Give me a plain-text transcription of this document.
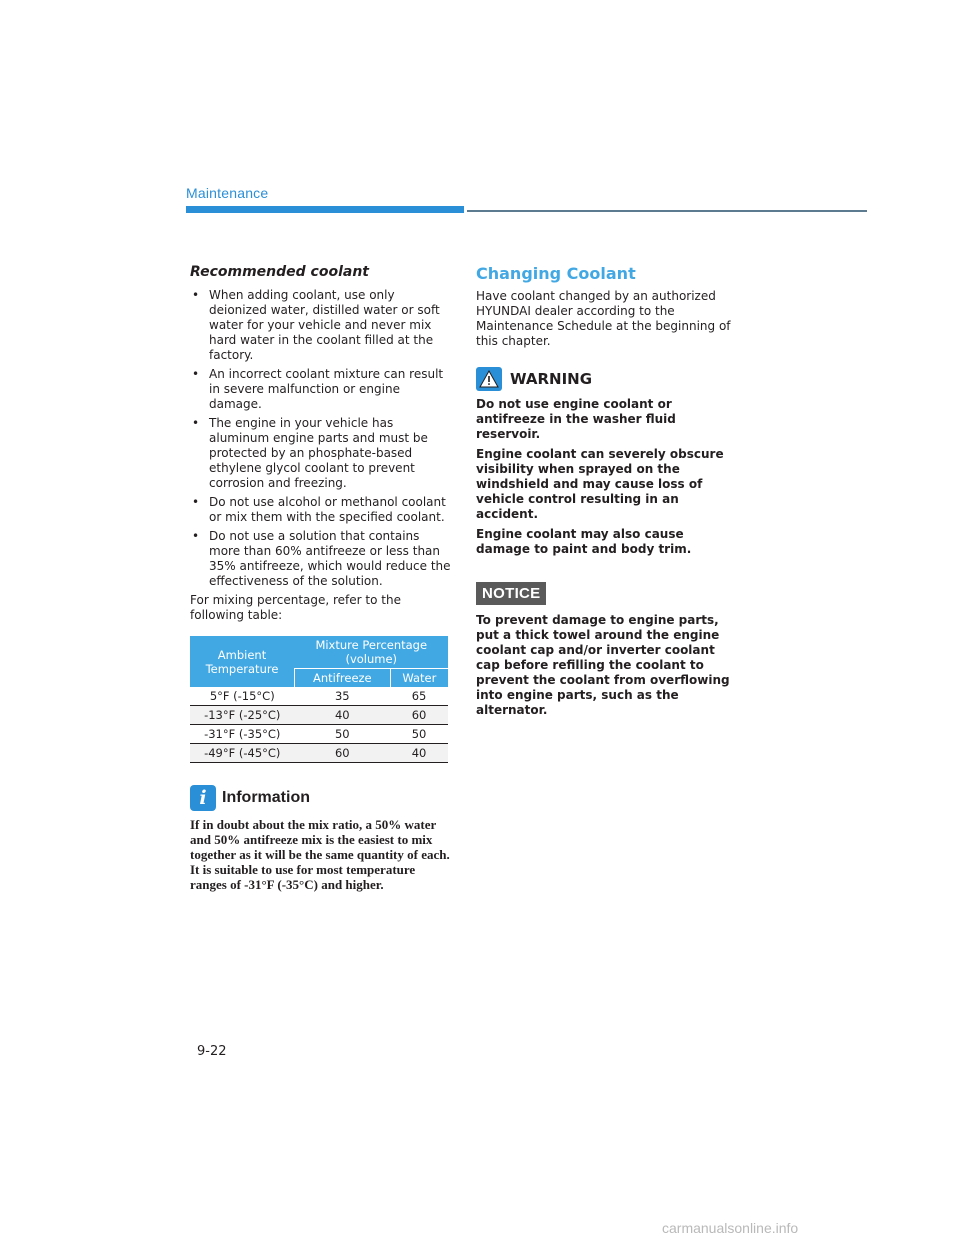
Maintenance
Recommended coolant
• When adding coolant, use only deionized water, distilled water or soft water for your vehicle and never mix hard water in the coolant filled at the factory.
• An incorrect coolant mixture can result in severe malfunction or engine damage.
• The engine in your vehicle has aluminum engine parts and must be protected by an phosphate-based ethylene glycol coolant to prevent corrosion and freezing.
• Do not use alcohol or methanol coolant or mix them with the specified coolant.
• Do not use a solution that contains more than 60% antifreeze or less than 35% antifreeze, which would reduce the effectiveness of the solution.

For mixing percentage, refer to the following table:

Ambient Temperature	Mixture Percentage (volume)	
	Antifreeze	Water
5°F (-15°C)	35	65
-13°F (-25°C)	40	60
-31°F (-35°C)	50	50
-49°F (-45°C)	60	40
i Information
If in doubt about the mix ratio, a 50% water and 50% antifreeze mix is the easiest to mix together as it will be the same quantity of each. It is suitable to use for most temperature ranges of -31°F (-35°C) and higher.
Changing Coolant

Have coolant changed by an authorized HYUNDAI dealer according to the Maintenance Schedule at the beginning of this chapter.

WARNING

Do not use engine coolant or antifreeze in the washer fluid reservoir.

Engine coolant can severely obscure visibility when sprayed on the windshield and may cause loss of vehicle control resulting in an accident.

Engine coolant may also cause damage to paint and body trim.

NOTICE

To prevent damage to engine parts, put a thick towel around the engine coolant cap and/or inverter coolant cap before refilling the coolant to prevent the coolant from overflowing into engine parts, such as the alternator.

9-22
carmanualsonline.info
